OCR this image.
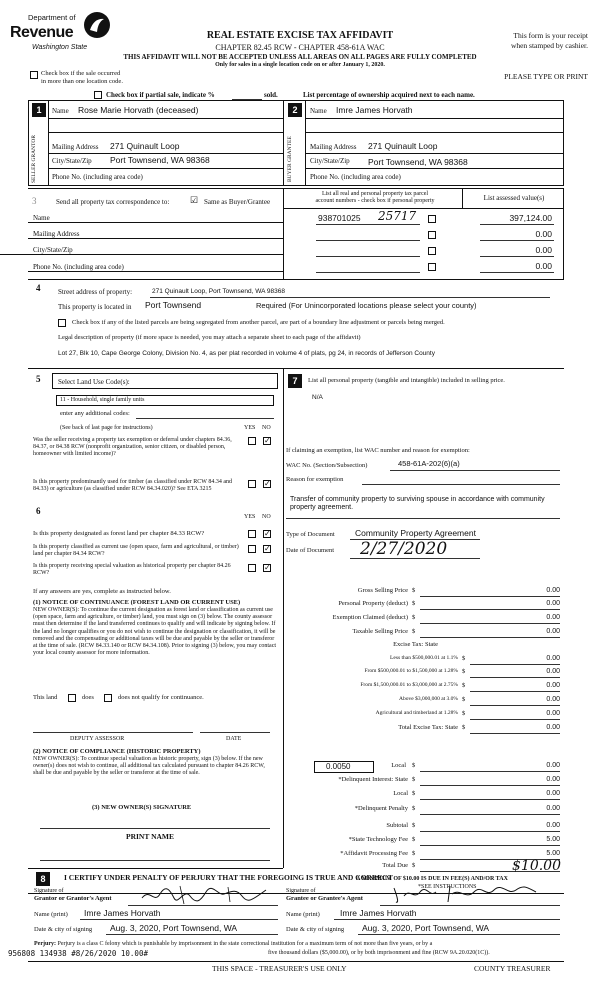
Department of
Revenue
Washington State
REAL ESTATE EXCISE TAX AFFIDAVIT
CHAPTER 82.45 RCW - CHAPTER 458-61A WAC
THIS AFFIDAVIT WILL NOT BE ACCEPTED UNLESS ALL AREAS ON ALL PAGES ARE FULLY COMPLETED
Only for sales in a single location code on or after January 1, 2020.
This form is your receipt
when stamped by cashier.
PLEASE TYPE OR PRINT
Check box if the sale occurred
in more than one location code.
Check box if partial sale, indicate %	sold.	List percentage of ownership acquired next to each name.
1
SELLER GRANTOR
Name Rose Marie Horvath (deceased)
Mailing Address 271 Quinault Loop
City/State/Zip Port Townsend, WA 98368
Phone No. (including area code)
2
BUYER GRANTEE
Name Imre James Horvath
Mailing Address 271 Quinault Loop
City/State/Zip Port Townsend, WA 98368
Phone No. (including area code)
3	Send all property tax correspondence to: ☑ Same as Buyer/Grantee
Name
Mailing Address
City/State/Zip
Phone No. (including area code)
List all real and personal property tax parcel
account numbers - check box if personal property	List assessed value(s)
938701025 25717	397,124.00
0.00
0.00
0.00
4	Street address of property:	271 Quinault Loop, Port Townsend, WA 98368
This property is located in Port Townsend	Required (For Unincorporated locations please select your county)
Check box if any of the listed parcels are being segregated from another parcel, are part of a boundary line adjustment or parcels being merged.
Legal description of property (if more space is needed, you may attach a separate sheet to each page of the affidavit)
Lot 27, Blk 10, Cape George Colony, Division No. 4, as per plat recorded in volume 4 of plats, pg 24, in records of Jefferson County
5	Select Land Use Code(s):
11 - Household, single family units
enter any additional codes:
(See back of last page for instructions)	YES NO
Was the seller receiving a property tax exemption or deferral under chapters 84.36, 84.37, or 84.38 RCW (nonprofit organization, senior citizen, or disabled person, homeowner with limited income)?
✓
Is this property predominantly used for timber (as classified under RCW 84.34 and 84.33) or agriculture (as classified under RCW 84.34.020)? See ETA 3215
✓
6
YES NO
Is this property designated as forest land per chapter 84.33 RCW?	✓
Is this property classified as current use (open space, farm and agricultural, or timber) land per chapter 84.34 RCW?
✓
Is this property receiving special valuation as historical property per chapter 84.26 RCW?
✓
If any answers are yes, complete as instructed below.
(1) NOTICE OF CONTINUANCE (FOREST LAND OR CURRENT USE)
NEW OWNER(S): To continue the current designation as forest land or classification as current use (open space, farm and agriculture, or timber) land, you must sign on (3) below. The county assessor must then determine if the land transferred continues to qualify and will indicate by signing below. If the land no longer qualifies or you do not wish to continue the designation or classification, it will be removed and the compensating or additional taxes will be due and payable by the seller or transferor at the time of sale. (RCW 84.33.140 or RCW 84.34.108). Prior to signing (3) below, you may contact your local county assessor for more information.
This land	does	does not qualify for continuance.
DEPUTY ASSESSOR	DATE
(2) NOTICE OF COMPLIANCE (HISTORIC PROPERTY)
NEW OWNER(S): To continue special valuation as historic property, sign (3) below. If the new owner(s) does not wish to continue, all additional tax calculated pursuant to chapter 84.26 RCW, shall be due and payable by the seller or transferor at the time of sale.
(3) NEW OWNER(S) SIGNATURE
PRINT NAME
7	List all personal property (tangible and intangible) included in selling price.
N/A
If claiming an exemption, list WAC number and reason for exemption:
WAC No. (Section/Subsection)	458-61A-202(6)(a)
Reason for exemption
Transfer of community property to surviving spouse in accordance with community property agreement.
Type of Document Community Property Agreement
Date of Document 2/27/2020
Gross Selling Price $	0.00
Personal Property (deduct) $	0.00
Exemption Claimed (deduct) $	0.00
Taxable Selling Price $	0.00
Excise Tax: State
Less than $500,000.01 at 1.1% $	0.00
From $500,000.01 to $1,500,000 at 1.28% $	0.00
From $1,500,000.01 to $3,000,000 at 2.75% $	0.00
Above $3,000,000 at 3.0% $	0.00
Agricultural and timberland at 1.28% $	0.00
Total Excise Tax: State $	0.00
Local $	0.00
*Delinquent Interest: State $	0.00
Local $	0.00
*Delinquent Penalty $	0.00
Subtotal $	0.00
*State Technology Fee $	5.00
*Affidavit Processing Fee $	5.00
Total Due $
0.0050
$10.00
A MINIMUM OF $10.00 IS DUE IN FEE(S) AND/OR TAX
*SEE INSTRUCTIONS
8	I CERTIFY UNDER PENALTY OF PERJURY THAT THE FOREGOING IS TRUE AND CORRECT
Signature of
Grantor or Grantor's Agent
Signature of
Grantee or Grantee's Agent
Name (print) Imre James Horvath	Name (print) Imre James Horvath
Date & city of signing Aug. 3, 2020, Port Townsend, WA	Date & city of signing Aug. 3, 2020, Port Townsend, WA
Perjury: Perjury is a class C felony which is punishable by imprisonment in the state correctional institution for a maximum term of not more than five years, or by a
956808 134938 #8/26/2020 10.00#	five thousand dollars ($5,000.00), or by both imprisonment and fine (RCW 9A.20.020(1C)).
THIS SPACE - TREASURER'S USE ONLY	COUNTY TREASURER
